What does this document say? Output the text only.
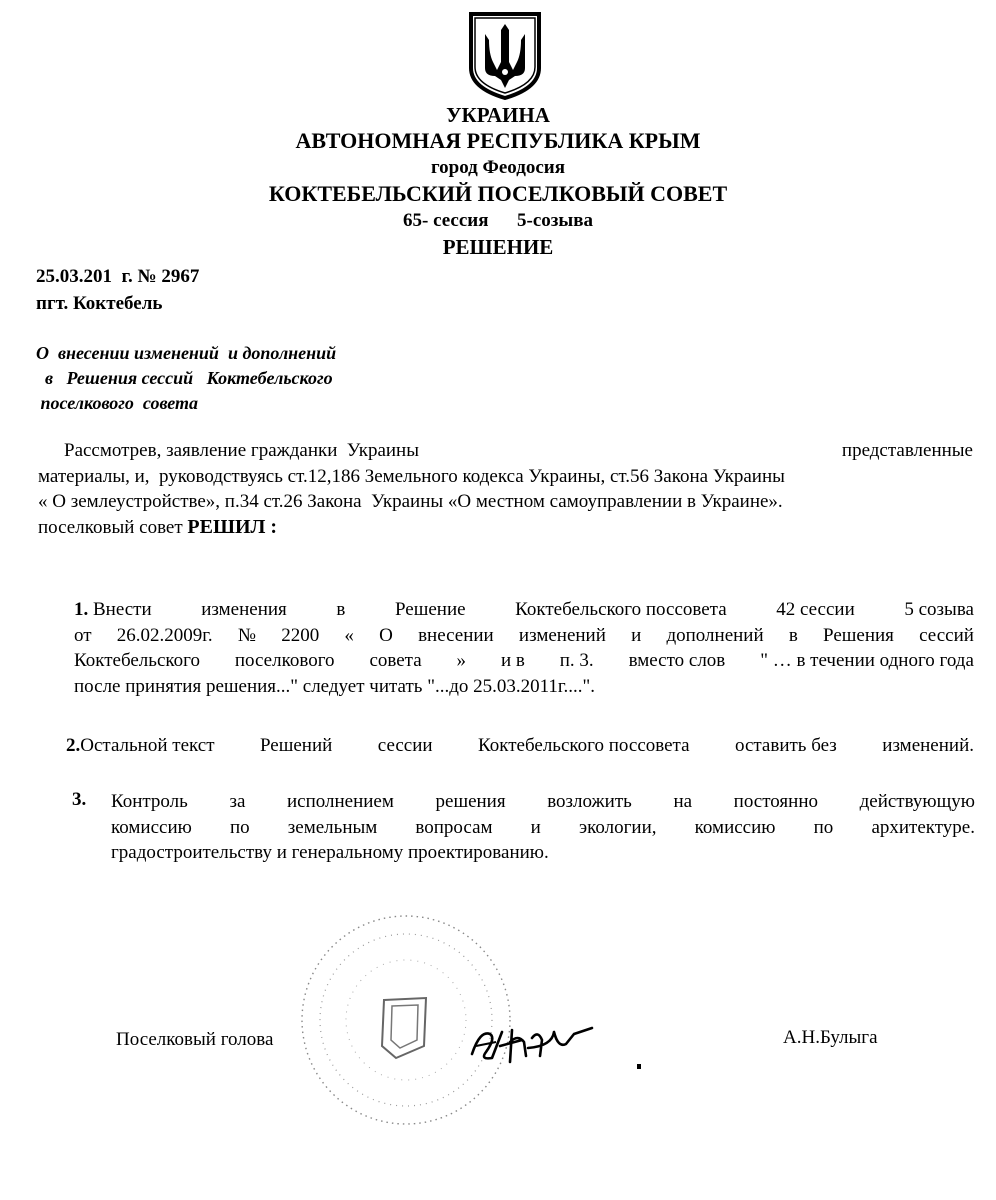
УКРАИНА
АВТОНОМНАЯ РЕСПУБЛИКА КРЫМ
город Феодосия
КОКТЕБЕЛЬСКИЙ ПОСЕЛКОВЫЙ СОВЕТ
65- сессия      5-созыва
РЕШЕНИЕ
25.03.201  г. № 2967
пгт. Коктебель
О  внесении изменений  и дополнений
в   Решения сессий   Коктебельского
поселкового  совета
Рассмотрев, заявление гражданки  Украины	представленные
материалы, и,  руководствуясь ст.12,186 Земельного кодекса Украины, ст.56 Закона Украины
« О землеустройстве», п.34 ст.26 Закона  Украины «О местном самоуправлении в Украине».
поселковый совет РЕШИЛ :
1. Внести	изменения	в	Решение	Коктебельского поссовета	42 сессии	5 созыва
от 26.02.2009г. № 2200 « О внесении изменений и дополнений в Решения сессий
Коктебельского поселкового совета » и в п. 3. вместо слов " … в течении одного года
после принятия решения..." следует читать "...до 25.03.2011г....".
2.Остальной текст Решений сессии Коктебельского поссовета оставить без изменений.
3. Контроль за исполнением решения возложить на постоянно действующую
комиссию по земельным вопросам и экологии, комиссию по архитектуре.
градостроительству и генеральному проектированию.
Поселковый голова	А.Н.Булыга
